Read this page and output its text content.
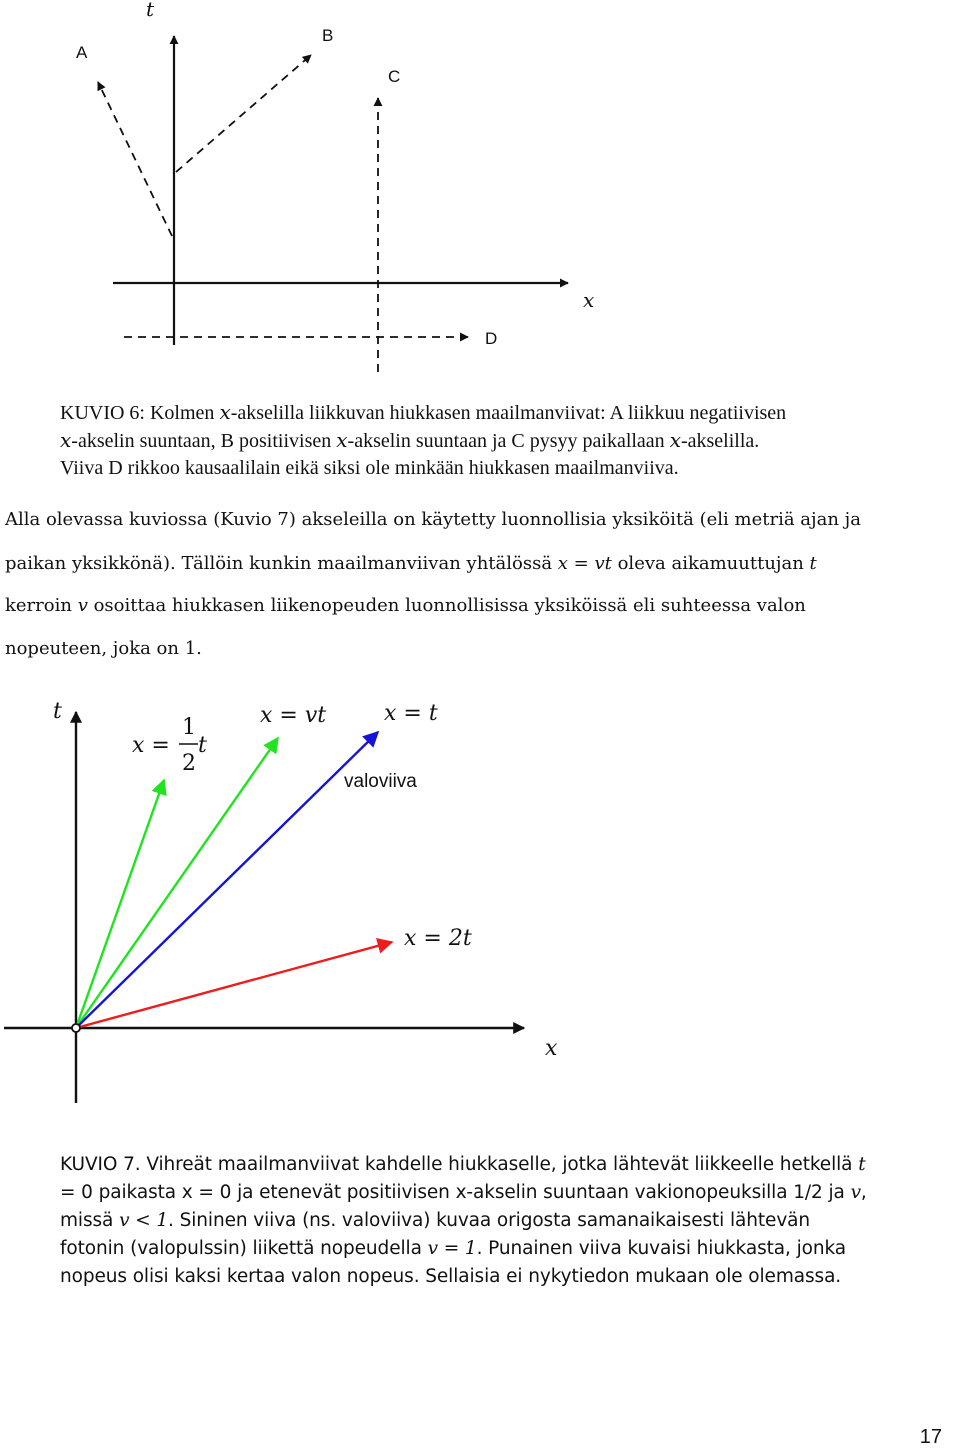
t
x
A
B
C
D
KUVIO 6: Kolmen x-akselilla liikkuvan hiukkasen maailmanviivat: A liikkuu negatiivisen
x-akselin suuntaan, B positiivisen x-akselin suuntaan ja C pysyy paikallaan x-akselilla.
Viiva D rikkoo kausaalilain eikä siksi ole minkään hiukkasen maailmanviiva.
Alla olevassa kuviossa (Kuvio 7) akseleilla on käytetty luonnollisia yksiköitä (eli metriä ajan ja
paikan yksikkönä). Tällöin kunkin maailmanviivan yhtälössä x = vt oleva aikamuuttujan t
kerroin v osoittaa hiukkasen liikenopeuden luonnollisissa yksiköissä eli suhteessa valon
nopeuteen, joka on 1.
t
x
x =
1
2
t
x = vt	x = t
valoviiva
x = 2t
KUVIO 7. Vihreät maailmanviivat kahdelle hiukkaselle, jotka lähtevät liikkeelle hetkellä t
= 0 paikasta x = 0 ja etenevät positiivisen x-akselin suuntaan vakionopeuksilla 1/2 ja v,
missä v < 1. Sininen viiva (ns. valoviiva) kuvaa origosta samanaikaisesti lähtevän
fotonin (valopulssin) liikettä nopeudella v = 1. Punainen viiva kuvaisi hiukkasta, jonka
nopeus olisi kaksi kertaa valon nopeus. Sellaisia ei nykytiedon mukaan ole olemassa.
17
